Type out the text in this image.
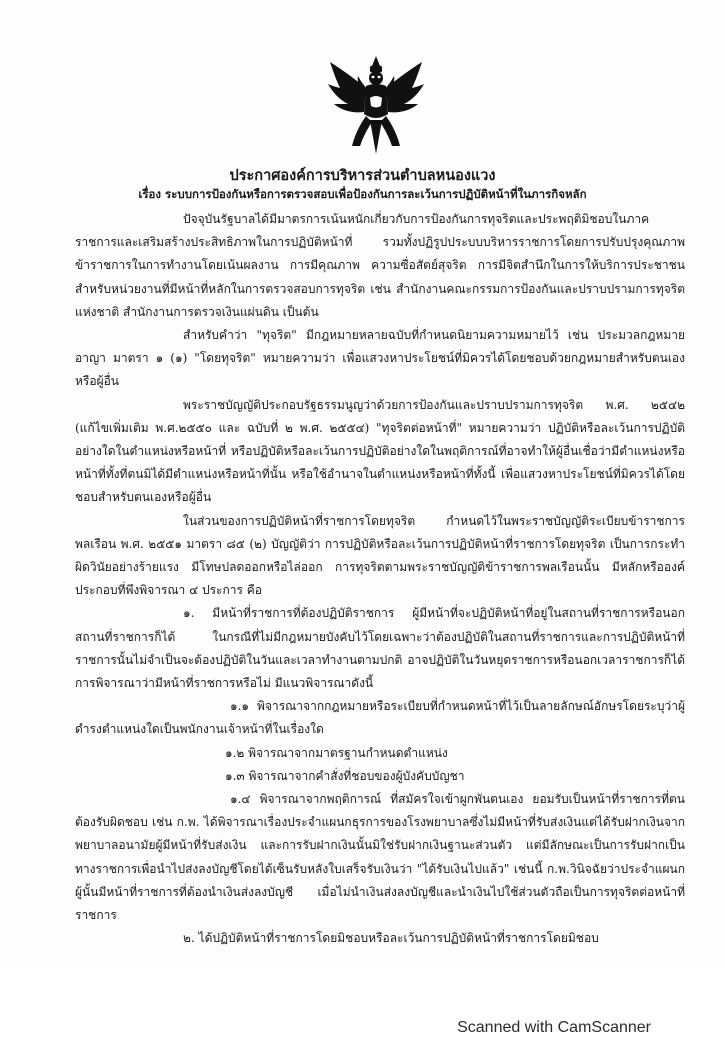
ประกาศองค์การบริหารส่วนตำบลหนองแวง
เรื่อง ระบบการป้องกันหรือการตรวจสอบเพื่อป้องกันการละเว้นการปฏิบัติหน้าที่ในภารกิจหลัก

ปัจจุบันรัฐบาลได้มีมาตรการเน้นหนักเกี่ยวกับการป้องกันการทุจริตและประพฤติมิชอบในภาคราชการและเสริมสร้างประสิทธิภาพในการปฏิบัติหน้าที่ รวมทั้งปฏิรูปประบบบริหารราชการโดยการปรับปรุงคุณภาพข้าราชการในการทำงานโดยเน้นผลงาน การมีคุณภาพ ความซื่อสัตย์สุจริต การมีจิตสำนึกในการให้บริการประชาชนสำหรับหน่วยงานที่มีหน้าที่หลักในการตรวจสอบการทุจริต เช่น สำนักงานคณะกรรมการป้องกันและปราบปรามการทุจริตแห่งชาติ สำนักงานการตรวจเงินแผ่นดิน เป็นต้น

สำหรับคำว่า "ทุจริต" มีกฎหมายหลายฉบับที่กำหนดนิยามความหมายไว้ เช่น ประมวลกฎหมายอาญา มาตรา ๑ (๑) "โดยทุจริต" หมายความว่า เพื่อแสวงหาประโยชน์ที่มิควรได้โดยชอบด้วยกฎหมายสำหรับตนเองหรือผู้อื่น

พระราชบัญญัติประกอบรัฐธรรมนูญว่าด้วยการป้องกันและปราบปรามการทุจริต พ.ศ. ๒๕๔๒ (แก้ไขเพิ่มเติม พ.ศ.๒๕๕๐ และ ฉบับที่ ๒ พ.ศ. ๒๕๕๔) "ทุจริตต่อหน้าที่" หมายความว่า ปฏิบัติหรือละเว้นการปฏิบัติอย่างใดในตำแหน่งหรือหน้าที่ หรือปฏิบัติหรือละเว้นการปฏิบัติอย่างใดในพฤติการณ์ที่อาจทำให้ผู้อื่นเชื่อว่ามีตำแหน่งหรือหน้าที่ทั้งที่ตนมิได้มีตำแหน่งหรือหน้าที่นั้น หรือใช้อำนาจในตำแหน่งหรือหน้าที่ทั้งนี้ เพื่อแสวงหาประโยชน์ที่มิควรได้โดยชอบสำหรับตนเองหรือผู้อื่น

ในส่วนของการปฏิบัติหน้าที่ราชการโดยทุจริต กำหนดไว้ในพระราชบัญญัติระเบียบข้าราชการพลเรือน พ.ศ. ๒๕๕๑ มาตรา ๘๕ (๒) บัญญัติว่า การปฏิบัติหรือละเว้นการปฏิบัติหน้าที่ราชการโดยทุจริต เป็นการกระทำผิดวินัยอย่างร้ายแรง มีโทษปลดออกหรือไล่ออก การทุจริตตามพระราชบัญญัติข้าราชการพลเรือนนั้น มีหลักหรือองค์ประกอบที่พึงพิจารณา ๔ ประการ คือ

๑. มีหน้าที่ราชการที่ต้องปฏิบัติราชการ ผู้มีหน้าที่จะปฏิบัติหน้าที่อยู่ในสถานที่ราชการหรือนอกสถานที่ราชการก็ได้ ในกรณีที่ไม่มีกฎหมายบังคับไว้โดยเฉพาะว่าต้องปฏิบัติในสถานที่ราชการและการปฏิบัติหน้าที่ราชการนั้นไม่จำเป็นจะต้องปฏิบัติในวันและเวลาทำงานตามปกติ อาจปฏิบัติในวันหยุดราชการหรือนอกเวลาราชการก็ได้ การพิจารณาว่ามีหน้าที่ราชการหรือไม่ มีแนวพิจารณาดังนี้

๑.๑ พิจารณาจากกฎหมายหรือระเบียบที่กำหนดหน้าที่ไว้เป็นลายลักษณ์อักษรโดยระบุว่าผู้ดำรงตำแหน่งใดเป็นพนักงานเจ้าหน้าที่ในเรื่องใด

๑.๒ พิจารณาจากมาตรฐานกำหนดตำแหน่ง

๑.๓ พิจารณาจากคำสั่งที่ชอบของผู้บังคับบัญชา

๑.๔ พิจารณาจากพฤติการณ์ ที่สมัครใจเข้าผูกพันตนเอง ยอมรับเป็นหน้าที่ราชการที่ตนต้องรับผิดชอบ เช่น ก.พ. ได้พิจารณาเรื่องประจำแผนกธุรการของโรงพยาบาลซึ่งไม่มีหน้าที่รับส่งเงินแต่ได้รับฝากเงินจากพยาบาลอนามัยผู้มีหน้าที่รับส่งเงิน และการรับฝากเงินนั้นมิใช่รับฝากเงินฐานะส่วนตัว แต่มีลักษณะเป็นการรับฝากเป็นทางราชการเพื่อนำไปส่งลงบัญชีโดยได้เซ็นรับหลังใบเสร็จรับเงินว่า "ได้รับเงินไปแล้ว" เช่นนี้ ก.พ.วินิจฉัยว่าประจำแผนกผู้นั้นมีหน้าที่ราชการที่ต้องนำเงินส่งลงบัญชี เมื่อไม่นำเงินส่งลงบัญชีและนำเงินไปใช้ส่วนตัวถือเป็นการทุจริตต่อหน้าที่ราชการ

๒. ได้ปฏิบัติหน้าที่ราชการโดยมิชอบหรือละเว้นการปฏิบัติหน้าที่ราชการโดยมิชอบ

Scanned with CamScanner
